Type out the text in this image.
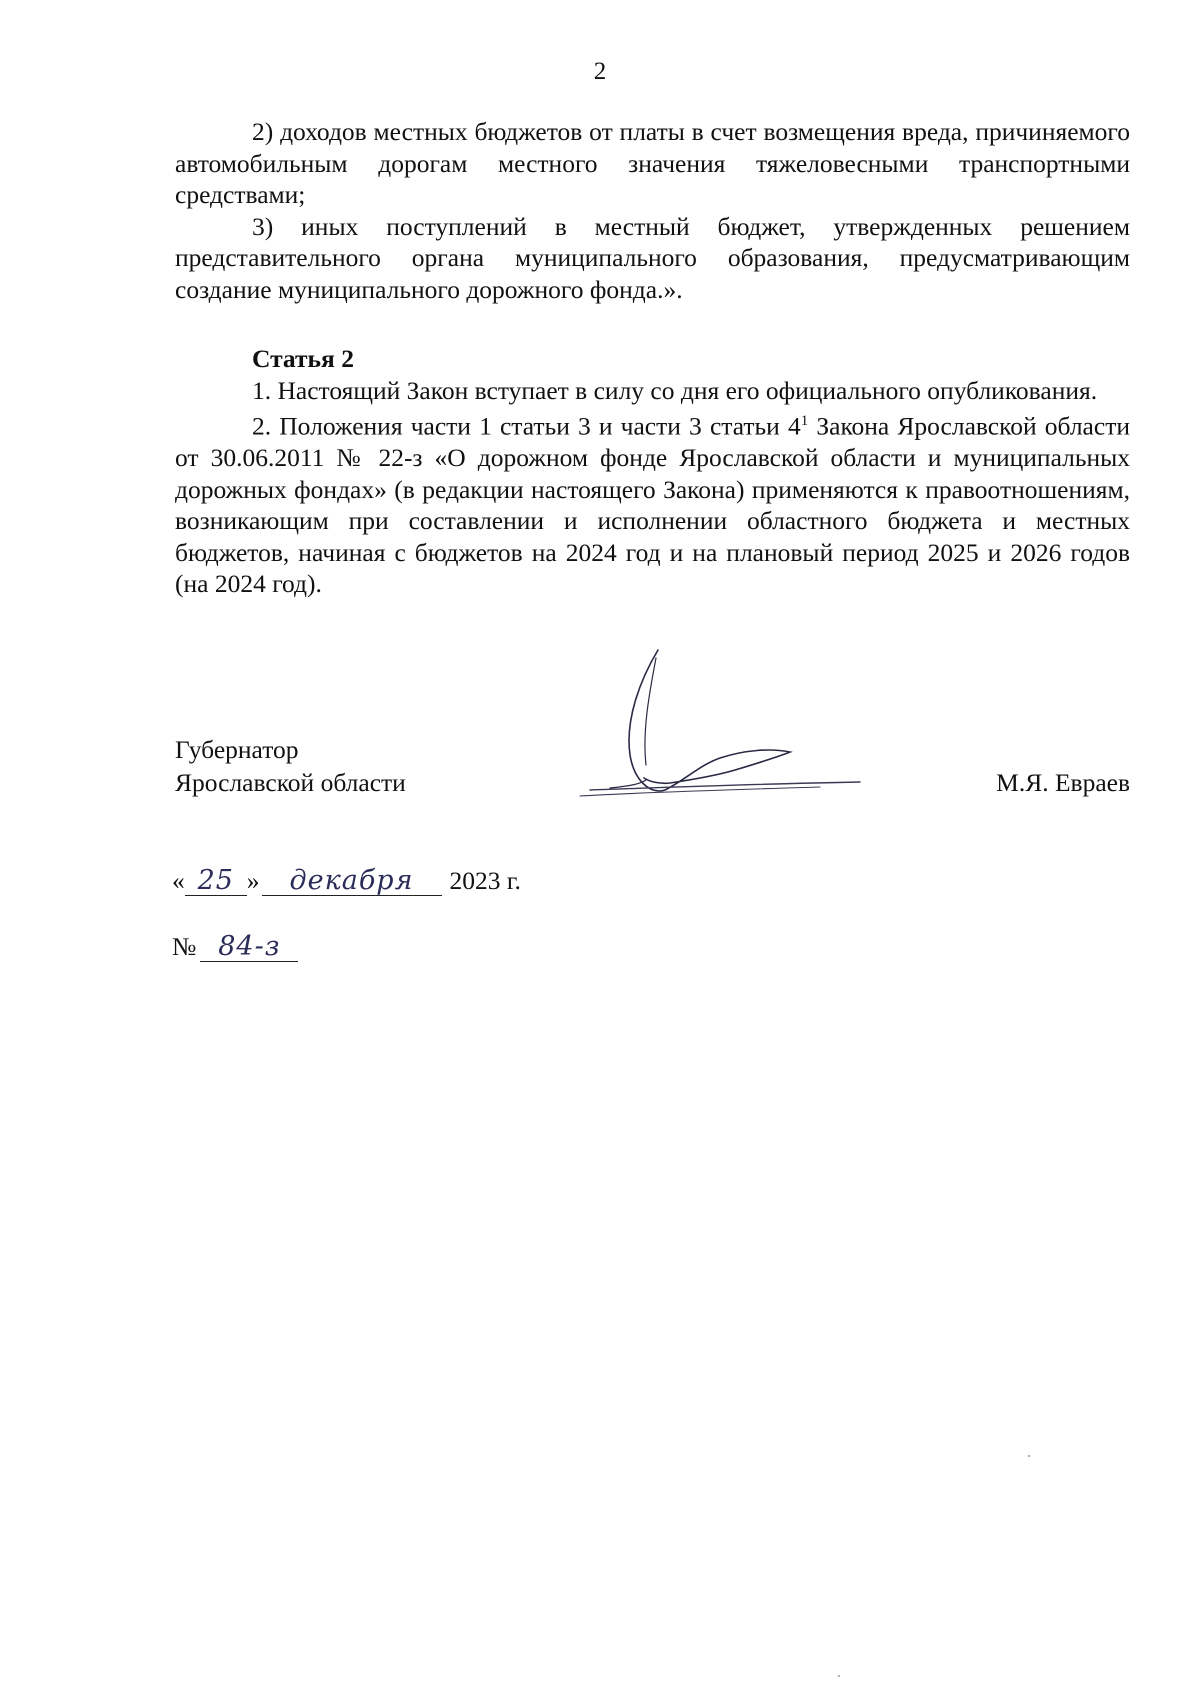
2

2) доходов местных бюджетов от платы в счет возмещения вреда, причиняемого автомобильным дорогам местного значения тяжеловесными транспортными средствами;

3) иных поступлений в местный бюджет, утвержденных решением представительного органа муниципального образования, предусматривающим создание муниципального дорожного фонда.».

Статья 2

1. Настоящий Закон вступает в силу со дня его официального опубликования.

2. Положения части 1 статьи 3 и части 3 статьи $4^1$ Закона Ярославской области от 30.06.2011 № 22-з «О дорожном фонде Ярославской области и муниципальных дорожных фондах» (в редакции настоящего Закона) применяются к правоотношениям, возникающим при составлении и исполнении областного бюджета и местных бюджетов, начиная с бюджетов на 2024 год и на плановый период 2025 и 2026 годов (на 2024 год).

Губернатор
Ярославской области	М.Я. Евраев
« 25 » декабря 2023 г.
№ 84-з
